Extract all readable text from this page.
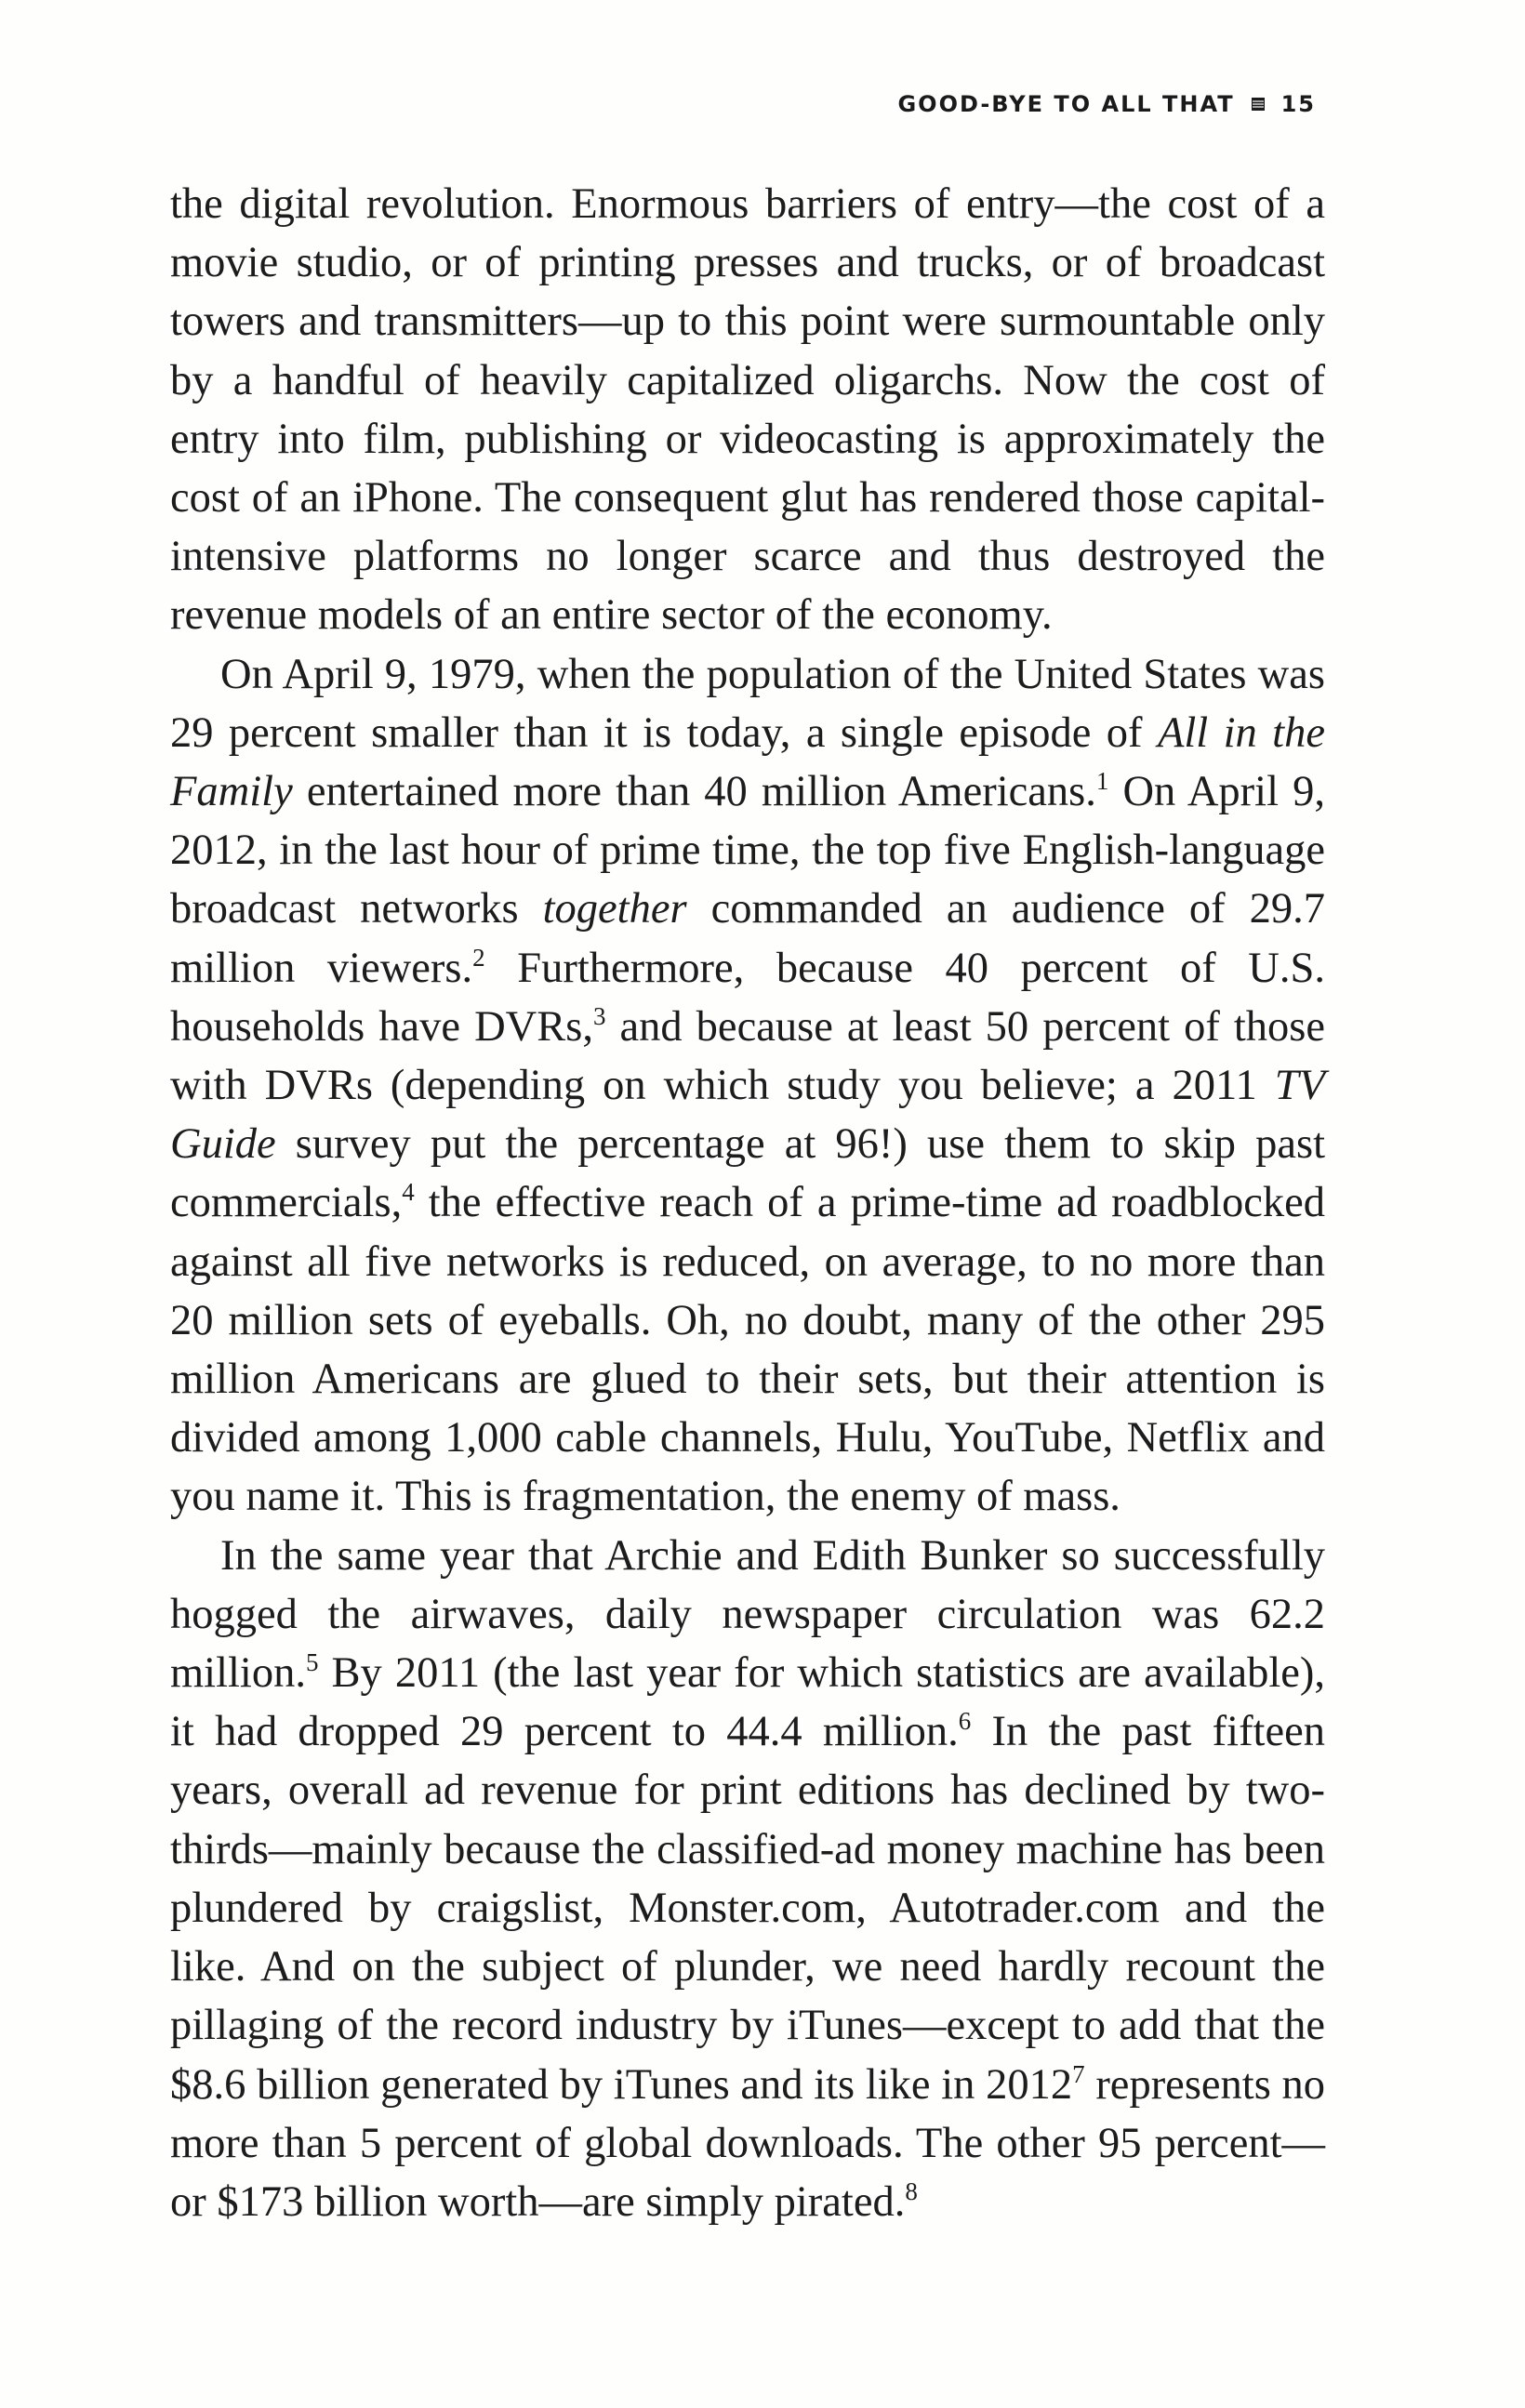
GOOD-BYE TO ALL THAT 15

the digital revolution. Enormous barriers of entry—the cost of a movie studio, or of printing presses and trucks, or of broadcast towers and transmitters—up to this point were surmountable only by a handful of heavily capitalized oligarchs. Now the cost of entry into film, publishing or videocasting is approximately the cost of an iPhone. The consequent glut has rendered those capital-intensive platforms no longer scarce and thus destroyed the revenue models of an entire sector of the economy.

On April 9, 1979, when the population of the United States was 29 percent smaller than it is today, a single episode of All in the Family entertained more than 40 million Americans.$^1$ On April 9, 2012, in the last hour of prime time, the top five English-language broadcast networks together commanded an audience of 29.7 million viewers.$^2$ Furthermore, because 40 percent of U.S. households have DVRs,$^3$ and because at least 50 percent of those with DVRs (depending on which study you believe; a 2011 TV Guide survey put the percentage at 96!) use them to skip past commercials,$^4$ the effective reach of a prime-time ad roadblocked against all five networks is reduced, on average, to no more than 20 million sets of eyeballs. Oh, no doubt, many of the other 295 million Americans are glued to their sets, but their attention is divided among 1,000 cable channels, Hulu, YouTube, Netflix and you name it. This is fragmentation, the enemy of mass.

In the same year that Archie and Edith Bunker so successfully hogged the airwaves, daily newspaper circulation was 62.2 million.$^5$ By 2011 (the last year for which statistics are available), it had dropped 29 percent to 44.4 million.$^6$ In the past fifteen years, overall ad revenue for print editions has declined by two-thirds—mainly because the classified-ad money machine has been plundered by craigslist, Monster.com, Autotrader.com and the like. And on the subject of plunder, we need hardly recount the pillaging of the record industry by iTunes—except to add that the $8.6 billion generated by iTunes and its like in 2012$^7$ represents no more than 5 percent of global downloads. The other 95 percent—or $173 billion worth—are simply pirated.$^8$
